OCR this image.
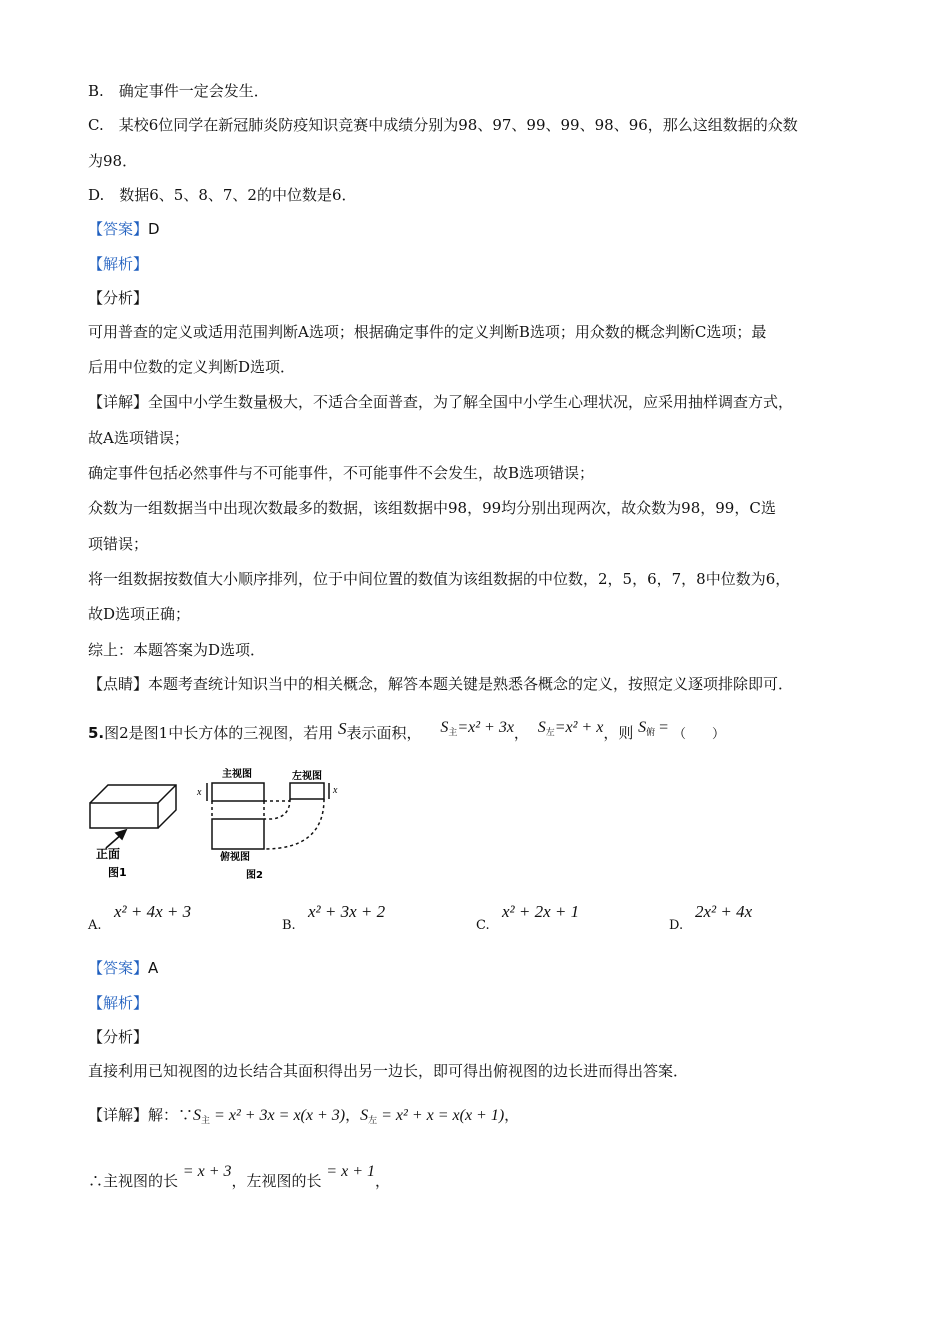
B.　确定事件一定会发生．
C.　某校6位同学在新冠肺炎防疫知识竞赛中成绩分别为98、97、99、99、98、96，那么这组数据的众数
为98．
D.　数据6、5、8、7、2的中位数是6．
【答案】D
【解析】
【分析】
可用普查的定义或适用范围判断A选项；根据确定事件的定义判断B选项；用众数的概念判断C选项；最
后用中位数的定义判断D选项．
【详解】全国中小学生数量极大，不适合全面普查，为了解全国中小学生心理状况，应采用抽样调查方式，
故A选项错误；
确定事件包括必然事件与不可能事件，不可能事件不会发生，故B选项错误；
众数为一组数据当中出现次数最多的数据，该组数据中98，99均分别出现两次，故众数为98，99，C选
项错误；
将一组数据按数值大小顺序排列，位于中间位置的数值为该组数据的中位数，2，5，6，7，8中位数为6，
故D选项正确；
综上：本题答案为D选项．
【点睛】本题考查统计知识当中的相关概念，解答本题关键是熟悉各概念的定义，按照定义逐项排除即可．
5.图2是图1中长方体的三视图，若用 S表示面积， $S_主=x^2 + 3x$， $S_左=x^2 + x$，则 $S_俯$ = （　　）
正面
图1
主视图	左视图
俯视图
图2
x	x
A.
x² + 4x + 3
B.
x² + 3x + 2
C.
x² + 2x + 1
D.
2x² + 4x
【答案】A
【解析】
【分析】
直接利用已知视图的边长结合其面积得出另一边长，即可得出俯视图的边长进而得出答案．
【详解】解：$\because S_主 = x^2 + 3x = x(x + 3)$，$S_左 = x^2 + x = x(x + 1)$，
∴主视图的长 = x + 3，左视图的长 = x + 1，
